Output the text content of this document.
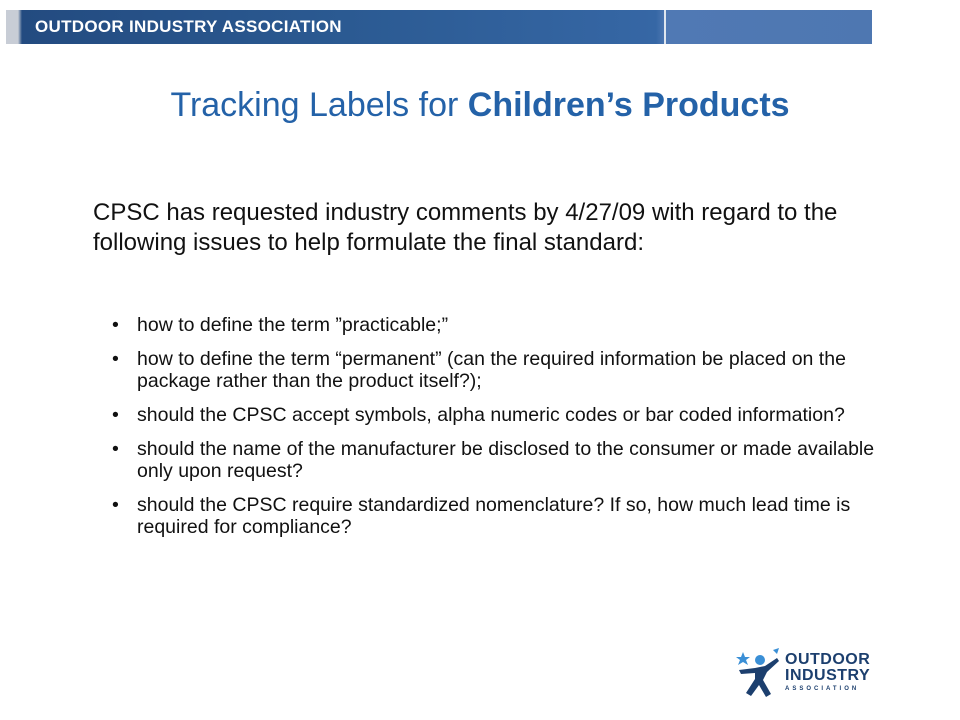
OUTDOOR INDUSTRY ASSOCIATION
Tracking Labels for Children’s Products
CPSC has requested industry comments by 4/27/09 with regard to the following issues to help formulate the final standard:
• how to define the term ”practicable;”
• how to define the term “permanent” (can the required information be placed on the package rather than the product itself?);
• should the CPSC accept symbols, alpha numeric codes or bar coded information?
• should the name of the manufacturer be disclosed to the consumer or made available only upon request?
• should the CPSC require standardized nomenclature? If so, how much lead time is required for compliance?
OUTDOOR
INDUSTRY
ASSOCIATION
